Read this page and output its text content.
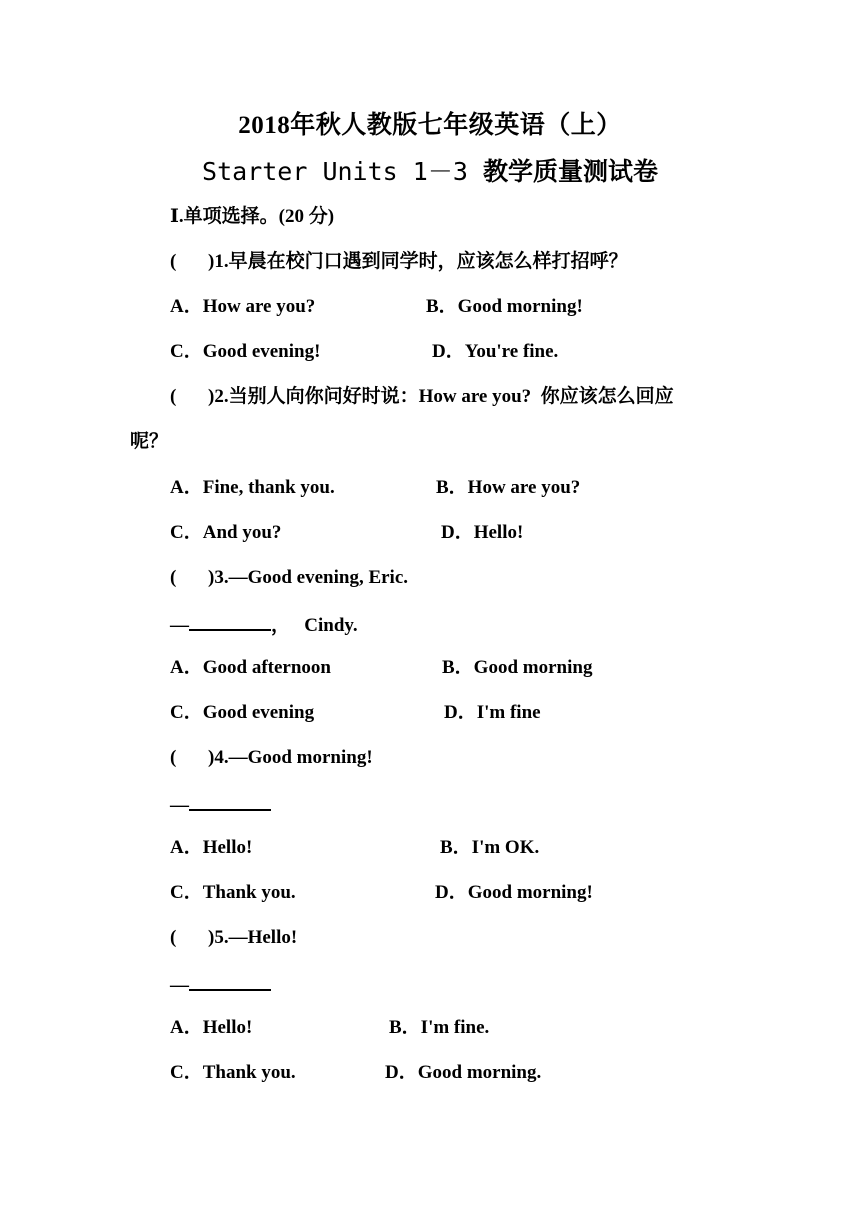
2018年秋人教版七年级英语（上）
Starter Units 1－3 教学质量测试卷
Ⅰ.单项选择。(20 分)
( )1.早晨在校门口遇到同学时，应该怎么样打招呼？
A．How are you?	B．Good morning!
C．Good evening!	D．You're fine.
( )2.当别人向你问好时说：How are you?  你应该怎么回应
呢？
A．Fine, thank you.	B．How are you?
C．And you?	D．Hello!
( )3.—Good evening, Eric.
—	，   Cindy.
A．Good afternoon	B．Good morning
C．Good evening	D．I'm fine
( )4.—Good morning!
—
A．Hello!	B．I'm OK.
C．Thank you.	D．Good morning!
( )5.—Hello!
—
A．Hello!	B．I'm fine.
C．Thank you.	D．Good morning.
